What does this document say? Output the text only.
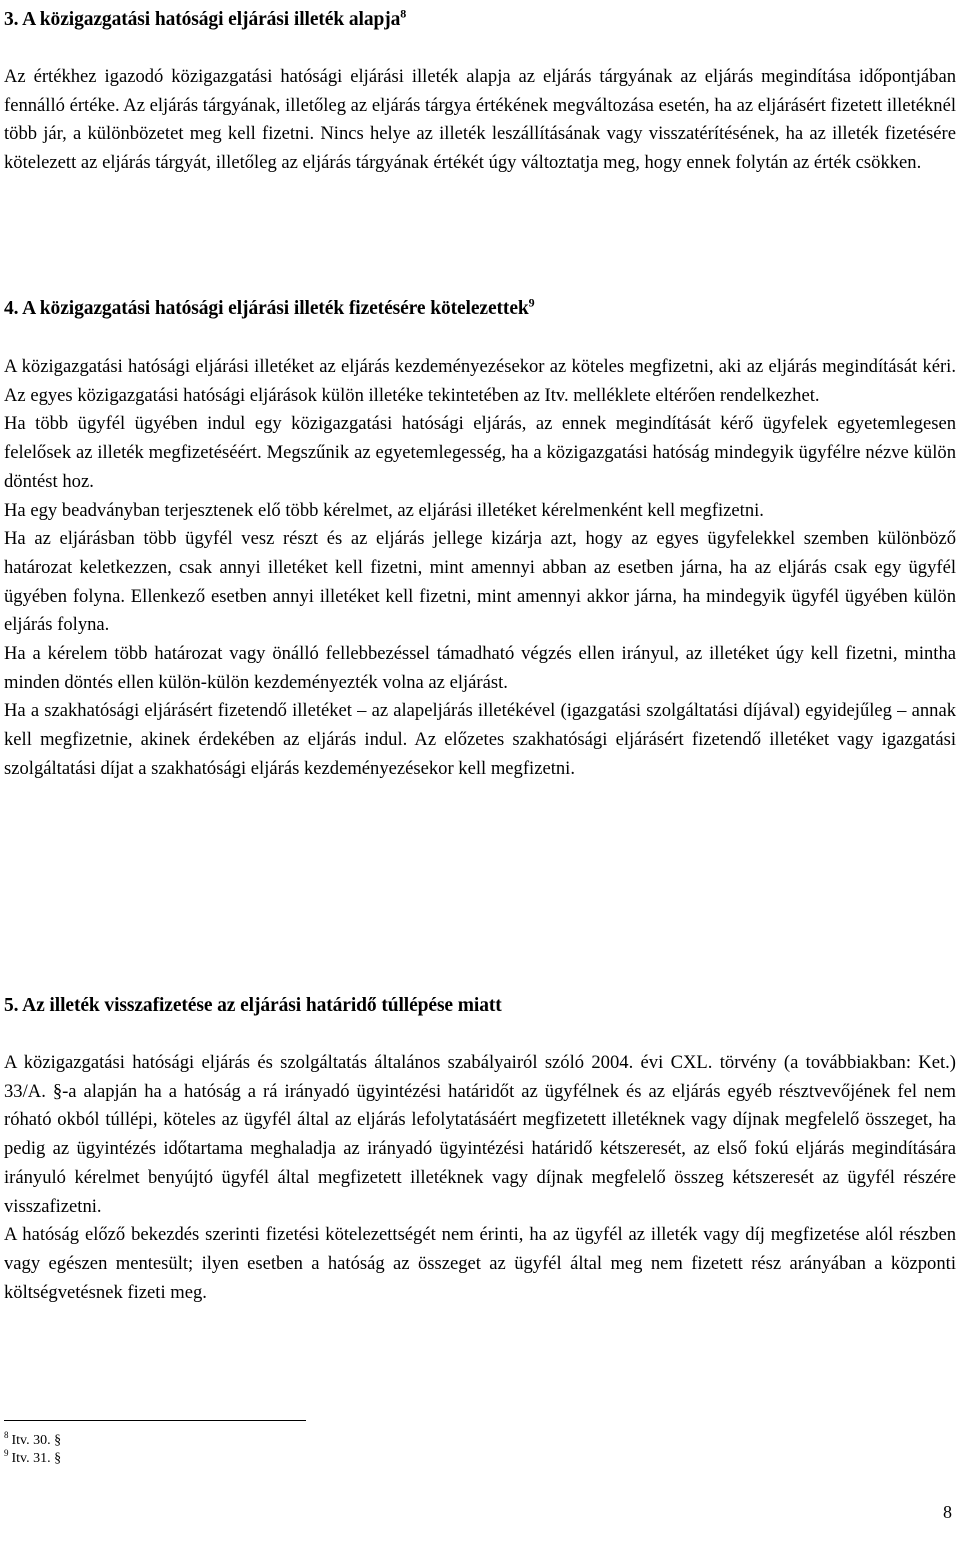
3. A közigazgatási hatósági eljárási illeték alapja$^8$

Az értékhez igazodó közigazgatási hatósági eljárási illeték alapja az eljárás tárgyának az eljárás megindítása időpontjában fennálló értéke. Az eljárás tárgyának, illetőleg az eljárás tárgya értékének megváltozása esetén, ha az eljárásért fizetett illetéknél több jár, a különbözetet meg kell fizetni. Nincs helye az illeték leszállításának vagy visszatérítésének, ha az illeték fizetésére kötelezett az eljárás tárgyát, illetőleg az eljárás tárgyának értékét úgy változtatja meg, hogy ennek folytán az érték csökken.

4. A közigazgatási hatósági eljárási illeték fizetésére kötelezettek$^9$

A közigazgatási hatósági eljárási illetéket az eljárás kezdeményezésekor az köteles megfizetni, aki az eljárás megindítását kéri. Az egyes közigazgatási hatósági eljárások külön illetéke tekintetében az Itv. melléklete eltérően rendelkezhet.

Ha több ügyfél ügyében indul egy közigazgatási hatósági eljárás, az ennek megindítását kérő ügyfelek egyetemlegesen felelősek az illeték megfizetéséért. Megszűnik az egyetemlegesség, ha a közigazgatási hatóság mindegyik ügyfélre nézve külön döntést hoz.

Ha egy beadványban terjesztenek elő több kérelmet, az eljárási illetéket kérelmenként kell megfizetni.

Ha az eljárásban több ügyfél vesz részt és az eljárás jellege kizárja azt, hogy az egyes ügyfelekkel szemben különböző határozat keletkezzen, csak annyi illetéket kell fizetni, mint amennyi abban az esetben járna, ha az eljárás csak egy ügyfél ügyében folyna. Ellenkező esetben annyi illetéket kell fizetni, mint amennyi akkor járna, ha mindegyik ügyfél ügyében külön eljárás folyna.

Ha a kérelem több határozat vagy önálló fellebbezéssel támadható végzés ellen irányul, az illetéket úgy kell fizetni, mintha minden döntés ellen külön-külön kezdeményezték volna az eljárást.

Ha a szakhatósági eljárásért fizetendő illetéket – az alapeljárás illetékével (igazgatási szolgáltatási díjával) egyidejűleg – annak kell megfizetnie, akinek érdekében az eljárás indul. Az előzetes szakhatósági eljárásért fizetendő illetéket vagy igazgatási szolgáltatási díjat a szakhatósági eljárás kezdeményezésekor kell megfizetni.

5. Az illeték visszafizetése az eljárási határidő túllépése miatt

A közigazgatási hatósági eljárás és szolgáltatás általános szabályairól szóló 2004. évi CXL. törvény (a továbbiakban: Ket.) 33/A. §-a alapján ha a hatóság a rá irányadó ügyintézési határidőt az ügyfélnek és az eljárás egyéb résztvevőjének fel nem róható okból túllépi, köteles az ügyfél által az eljárás lefolytatásáért megfizetett illetéknek vagy díjnak megfelelő összeget, ha pedig az ügyintézés időtartama meghaladja az irányadó ügyintézési határidő kétszeresét, az első fokú eljárás megindítására irányuló kérelmet benyújtó ügyfél által megfizetett illetéknek vagy díjnak megfelelő összeg kétszeresét az ügyfél részére visszafizetni.

A hatóság előző bekezdés szerinti fizetési kötelezettségét nem érinti, ha az ügyfél az illeték vagy díj megfizetése alól részben vagy egészen mentesült; ilyen esetben a hatóság az összeget az ügyfél által meg nem fizetett rész arányában a központi költségvetésnek fizeti meg.

$^8$ Itv. 30. §
$^9$ Itv. 31. §
8
